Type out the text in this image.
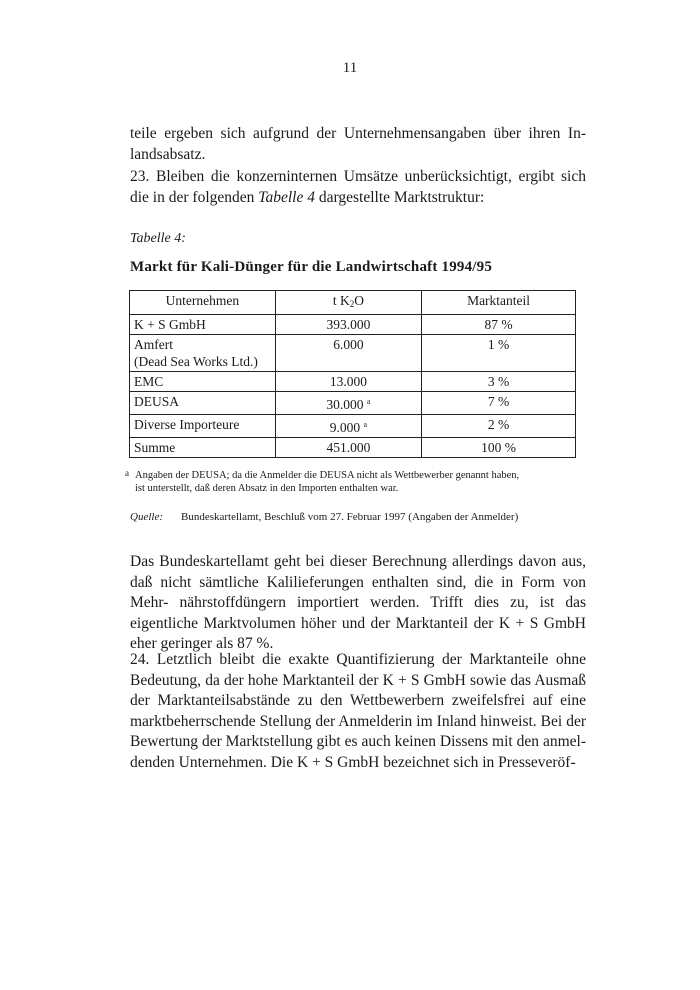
11

teile ergeben sich aufgrund der Unternehmensangaben über ihren In- landsabsatz.

23. Bleiben die konzerninternen Umsätze unberücksichtigt, ergibt sich die in der folgenden Tabelle 4 dargestellte Marktstruktur:

Tabelle 4:
Markt für Kali-Dünger für die Landwirtschaft 1994/95
Unternehmen	t $K_2O$	Marktanteil
K + S GmbH	393.000	87 %

Amfert
(Dead Sea Works Ltd.)	6.000	1 %
EMC	13.000	3 %
DEUSA	30.000 $^a$	7 %
Diverse Importeure	9.000 $^a$	2 %
Summe	451.000	100 %
a Angaben der DEUSA; da die Anmelder die DEUSA nicht als Wettbewerber genannt haben,
ist unterstellt, daß deren Absatz in den Importen enthalten war.
Quelle: Bundeskartellamt, Beschluß vom 27. Februar 1997 (Angaben der Anmelder)

Das Bundeskartellamt geht bei dieser Berechnung allerdings davon aus, daß nicht sämtliche Kalilieferungen enthalten sind, die in Form von Mehr- nährstoffdüngern importiert werden. Trifft dies zu, ist das eigentliche Marktvolumen höher und der Marktanteil der K + S GmbH eher geringer als 87 %.

24. Letztlich bleibt die exakte Quantifizierung der Marktanteile ohne Bedeutung, da der hohe Marktanteil der K + S GmbH sowie das Ausmaß der Marktanteilsabstände zu den Wettbewerbern zweifelsfrei auf eine marktbeherrschende Stellung der Anmelderin im Inland hinweist. Bei der Bewertung der Marktstellung gibt es auch keinen Dissens mit den anmel- denden Unternehmen. Die K + S GmbH bezeichnet sich in Presseveröf-
